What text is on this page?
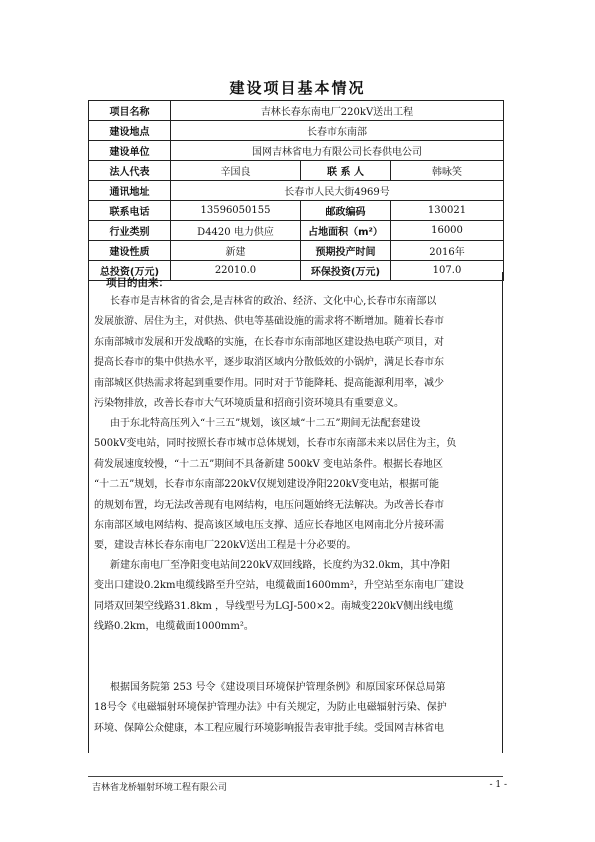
建设项目基本情况
项目名称	吉林长春东南电厂220kV送出工程		
建设地点	长春市东南部		
建设单位	国网吉林省电力有限公司长春供电公司		
法人代表	辛国良	联 系 人	韩咏笑
通讯地址	长春市人民大街4969号		
联系电话	13596050155	邮政编码	130021
行业类别	D4420 电力供应	占地面积（m²）	16000
建设性质	新建	预期投产时间	2016年
总投资(万元)	22010.0	环保投资(万元)	107.0
项目的由来：
长春市是吉林省的省会,是吉林省的政治、经济、文化中心,长春市东南部以
发展旅游、居住为主，对供热、供电等基础设施的需求将不断增加。随着长春市
东南部城市发展和开发战略的实施，在长春市东南部地区建设热电联产项目，对
提高长春市的集中供热水平，逐步取消区域内分散低效的小锅炉，满足长春市东
南部城区供热需求将起到重要作用。同时对于节能降耗、提高能源利用率，减少
污染物排放，改善长春市大气环境质量和招商引资环境具有重要意义。
由于东北特高压列入“十三五”规划，该区域“十二五”期间无法配套建设
500kV变电站，同时按照长春市城市总体规划，长春市东南部未来以居住为主，负
荷发展速度较慢，“十二五”期间不具备新建 500kV 变电站条件。根据长春地区
“十二五”规划，长春市东南部220kV仅规划建设净阳220kV变电站，根据可能
的规划布置，均无法改善现有电网结构，电压问题始终无法解决。为改善长春市
东南部区域电网结构、提高该区域电压支撑、适应长春地区电网南北分片接环需
要，建设吉林长春东南电厂220kV送出工程是十分必要的。
新建东南电厂至净阳变电站间220kV双回线路，长度约为32.0km，其中净阳
变出口建设0.2km电缆线路至升空站，电缆截面1600mm²，升空站至东南电厂建设
同塔双回架空线路31.8km ，导线型号为LGJ-500×2。南城变220kV侧出线电缆
线路0.2km，电缆截面1000mm²。
根据国务院第 253 号令《建设项目环境保护管理条例》和原国家环保总局第
18号令《电磁辐射环境保护管理办法》中有关规定，为防止电磁辐射污染、保护
环境、保障公众健康，本工程应履行环境影响报告表审批手续。受国网吉林省电
吉林省龙桥辐射环境工程有限公司	- 1 -
